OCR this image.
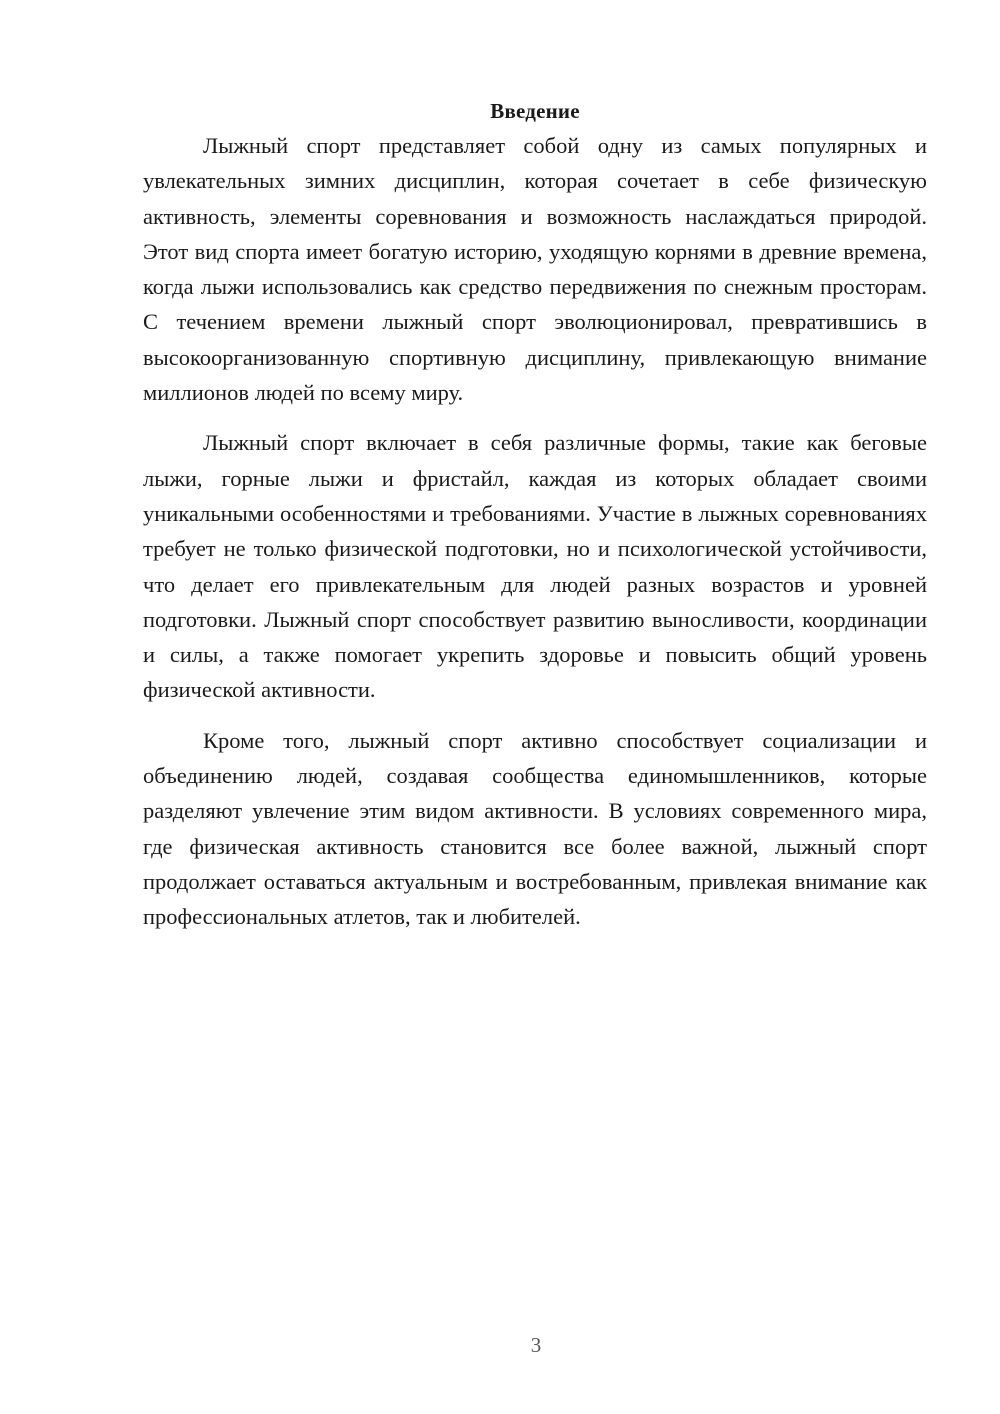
Введение

Лыжный спорт представляет собой одну из самых популярных и увлекательных зимних дисциплин, которая сочетает в себе физическую активность, элементы соревнования и возможность наслаждаться природой. Этот вид спорта имеет богатую историю, уходящую корнями в древние времена, когда лыжи использовались как средство передвижения по снежным просторам. С течением времени лыжный спорт эволюционировал, превратившись в высокоорганизованную спортивную дисциплину, привлекающую внимание миллионов людей по всему миру.

Лыжный спорт включает в себя различные формы, такие как беговые лыжи, горные лыжи и фристайл, каждая из которых обладает своими уникальными особенностями и требованиями. Участие в лыжных соревнованиях требует не только физической подготовки, но и психологической устойчивости, что делает его привлекательным для людей разных возрастов и уровней подготовки. Лыжный спорт способствует развитию выносливости, координации и силы, а также помогает укрепить здоровье и повысить общий уровень физической активности.

Кроме того, лыжный спорт активно способствует социализации и объединению людей, создавая сообщества единомышленников, которые разделяют увлечение этим видом активности. В условиях современного мира, где физическая активность становится все более важной, лыжный спорт продолжает оставаться актуальным и востребованным, привлекая внимание как профессиональных атлетов, так и любителей.

3
